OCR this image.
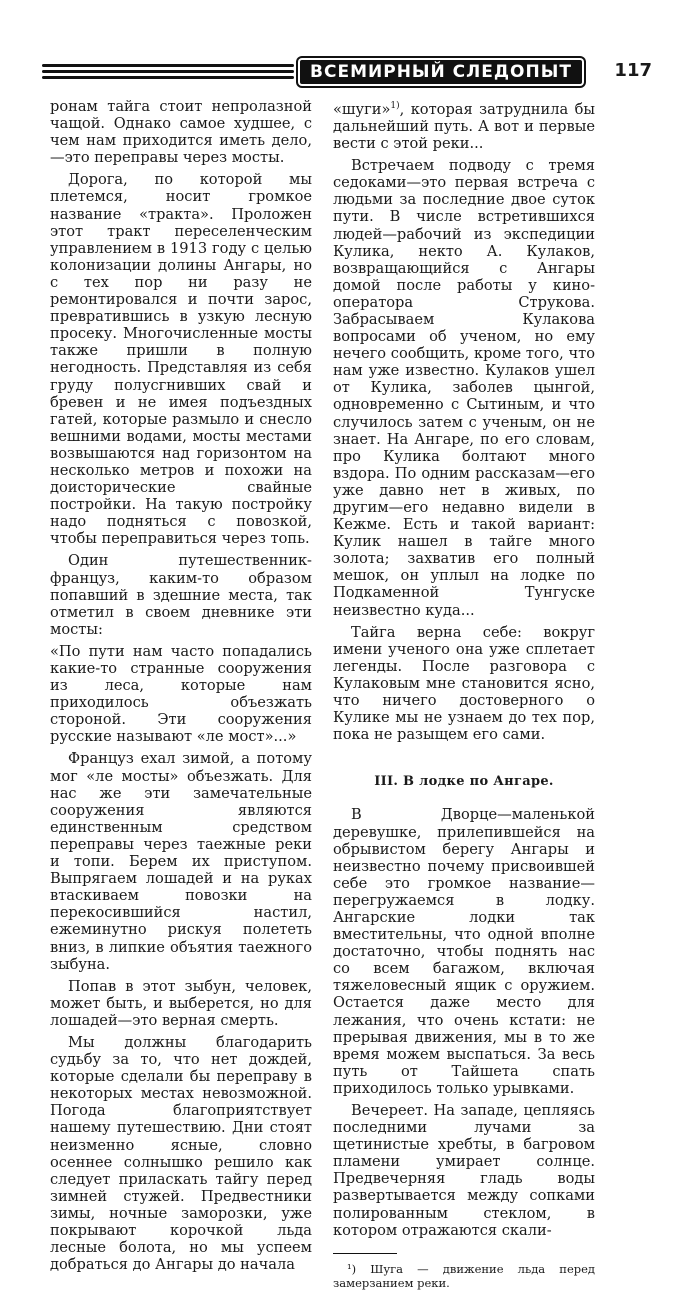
ВСЕМИРНЫЙ СЛЕДОПЫТ	117

ронам тайга стоит непролазной чащой. Однако самое худшее, с чем нам приходится иметь дело,—это переправы через мосты.

Дорога, по которой мы плетемся, носит громкое название «тракта». Проложен этот тракт переселенческим управлением в 1913 году с целью колонизации долины Ангары, но с тех пор ни разу не ремонтировался и почти зарос, превратившись в узкую лесную просеку. Многочисленные мосты также пришли в полную негодность. Представляя из себя груду полусгнивших свай и бревен и не имея подъездных гатей, которые размыло и снесло вешними водами, мосты местами возвышаются над горизонтом на несколько метров и похожи на доисторические свайные постройки. На такую постройку надо подняться с повозкой, чтобы переправиться через топь.

Один путешественник-француз, каким-то образом попавший в здешние места, так отметил в своем дневнике эти мосты:

«По пути нам часто попадались какие-то странные сооружения из леса, которые нам приходилось объезжать стороной. Эти сооружения русские называют «ле мост»...»

Француз ехал зимой, а потому мог «ле мосты» объезжать. Для нас же эти замечательные сооружения являются единственным средством переправы через таежные реки и топи. Берем их приступом. Выпрягаем лошадей и на руках втаскиваем повозки на перекосившийся настил, ежеминутно рискуя полететь вниз, в липкие объятия таежного зыбуна.

Попав в этот зыбун, человек, может быть, и выберется, но для лошадей—это верная смерть.

Мы должны благодарить судьбу за то, что нет дождей, которые сделали бы переправу в некоторых местах невозможной. Погода благоприятствует нашему путешествию. Дни стоят неизменно ясные, словно осеннее солнышко решило как следует приласкать тайгу перед зимней стужей. Предвестники зимы, ночные заморозки, уже покрывают корочкой льда лесные болота, но мы успеем добраться до Ангары до начала

«шуги»$^{1)}$, которая затруднила бы дальнейший путь. А вот и первые вести с этой реки...

Встречаем подводу с тремя седоками—это первая встреча с людьми за последние двое суток пути. В числе встретившихся людей—рабочий из экспедиции Кулика, некто А. Кулаков, возвращающийся с Ангары домой после работы у кино-оператора Струкова. Забрасываем Кулакова вопросами об ученом, но ему нечего сообщить, кроме того, что нам уже известно. Кулаков ушел от Кулика, заболев цынгой, одновременно с Сытиным, и что случилось затем с ученым, он не знает. На Ангаре, по его словам, про Кулика болтают много вздора. По одним рассказам—его уже давно нет в живых, по другим—его недавно видели в Кежме. Есть и такой вариант: Кулик нашел в тайге много золота; захватив его полный мешок, он уплыл на лодке по Подкаменной Тунгуске неизвестно куда...

Тайга верна себе: вокруг имени ученого она уже сплетает легенды. После разговора с Кулаковым мне становится ясно, что ничего достоверного о Кулике мы не узнаем до тех пор, пока не разыщем его сами.

III. В лодке по Ангаре.

В Дворце—маленькой деревушке, прилепившейся на обрывистом берегу Ангары и неизвестно почему присвоившей себе это громкое название—перегружаемся в лодку. Ангарские лодки так вместительны, что одной вполне достаточно, чтобы поднять нас со всем багажом, включая тяжеловесный ящик с оружием. Остается даже место для лежания, что очень кстати: не прерывая движения, мы в то же время можем выспаться. За весь путь от Тайшета спать приходилось только урывками.

Вечереет. На западе, цепляясь последними лучами за щетинистые хребты, в багровом пламени умирает солнце. Предвечерняя гладь воды развертывается между сопками полированным стеклом, в котором отражаются скали-

¹) Шуга — движение льда перед замерзанием реки.
